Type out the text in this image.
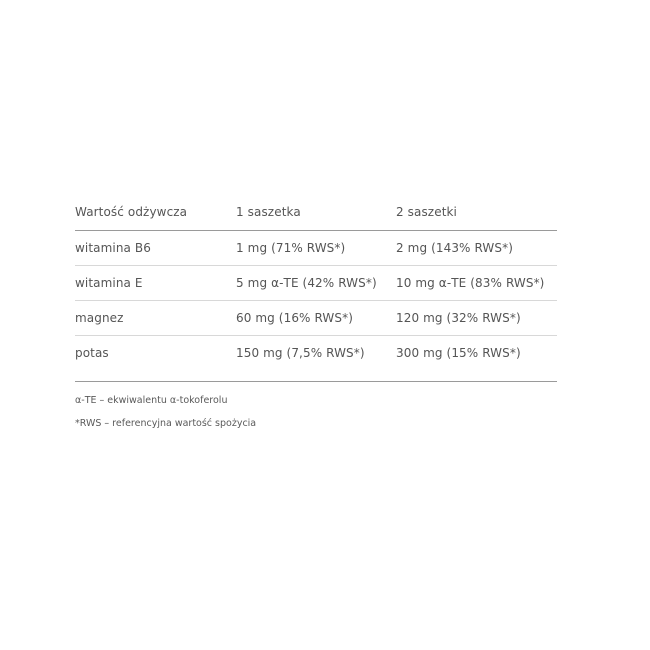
Wartość odżywcza	1 saszetka	2 saszetki
witamina B6	1 mg (71% RWS*)	2 mg (143% RWS*)
witamina E	5 mg α-TE (42% RWS*)	10 mg α-TE (83% RWS*)
magnez	60 mg (16% RWS*)	120 mg (32% RWS*)
potas	150 mg (7,5% RWS*)	300 mg (15% RWS*)
α-TE – ekwiwalentu α-tokoferolu
*RWS – referencyjna wartość spożycia
